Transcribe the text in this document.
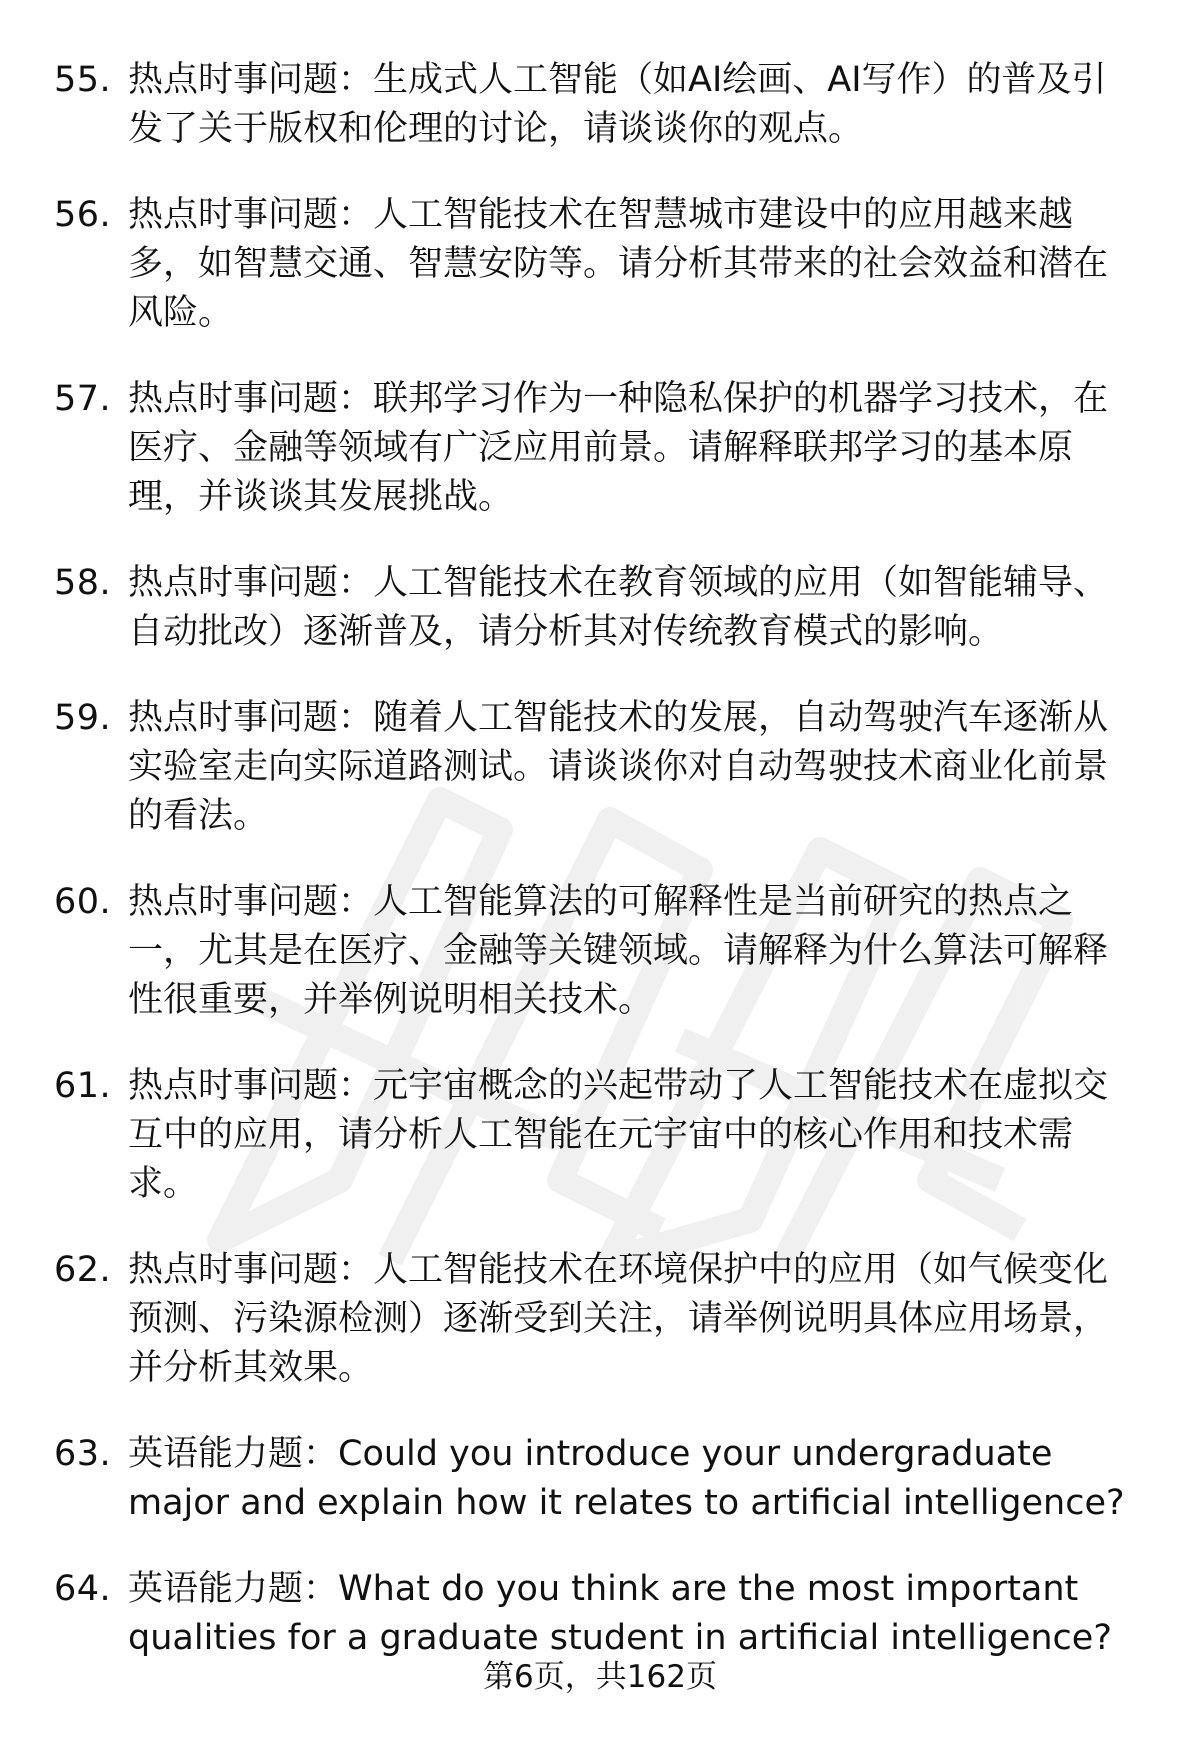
55. 热点时事问题：生成式人工智能（如AI绘画、AI写作）的普及引发了关于版权和伦理的讨论，请谈谈你的观点。
56. 热点时事问题：人工智能技术在智慧城市建设中的应用越来越多，如智慧交通、智慧安防等。请分析其带来的社会效益和潜在风险。
57. 热点时事问题：联邦学习作为一种隐私保护的机器学习技术，在医疗、金融等领域有广泛应用前景。请解释联邦学习的基本原理，并谈谈其发展挑战。
58. 热点时事问题：人工智能技术在教育领域的应用（如智能辅导、自动批改）逐渐普及，请分析其对传统教育模式的影响。
59. 热点时事问题：随着人工智能技术的发展，自动驾驶汽车逐渐从实验室走向实际道路测试。请谈谈你对自动驾驶技术商业化前景的看法。
60. 热点时事问题：人工智能算法的可解释性是当前研究的热点之一，尤其是在医疗、金融等关键领域。请解释为什么算法可解释性很重要，并举例说明相关技术。
61. 热点时事问题：元宇宙概念的兴起带动了人工智能技术在虚拟交互中的应用，请分析人工智能在元宇宙中的核心作用和技术需求。
62. 热点时事问题：人工智能技术在环境保护中的应用（如气候变化预测、污染源检测）逐渐受到关注，请举例说明具体应用场景，并分析其效果。
63. 英语能力题：Could you introduce your undergraduate major and explain how it relates to artificial intelligence?
64. 英语能力题：What do you think are the most important qualities for a graduate student in artificial intelligence?
第6页，共162页
